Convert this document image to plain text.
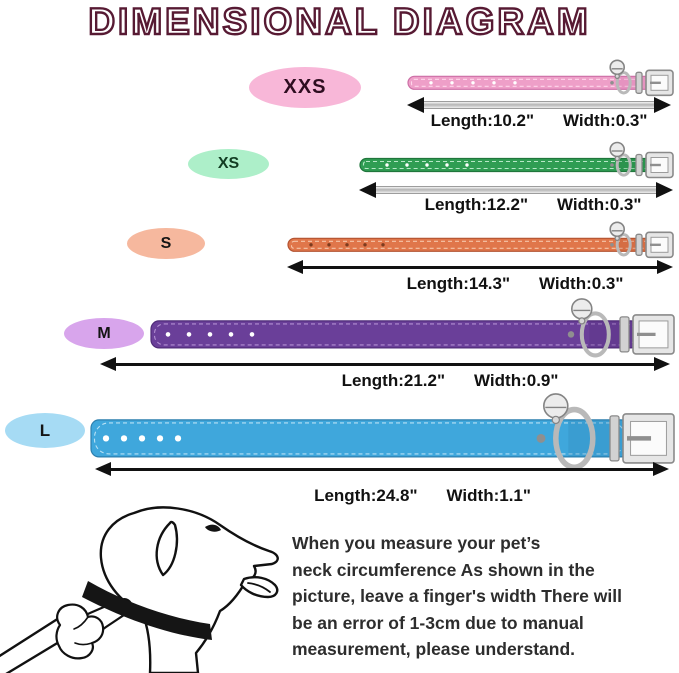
DIMENSIONAL DIAGRAM
XXS
Length:10.2" Width:0.3"
XS
Length:12.2" Width:0.3"
S
Length:14.3" Width:0.3"
M
Length:21.2" Width:0.9"
L
Length:24.8" Width:1.1"
When you measure your pet’s
neck circumference As shown in the
picture, leave a finger's width There will
be an error of 1-3cm due to manual
measurement, please understand.
